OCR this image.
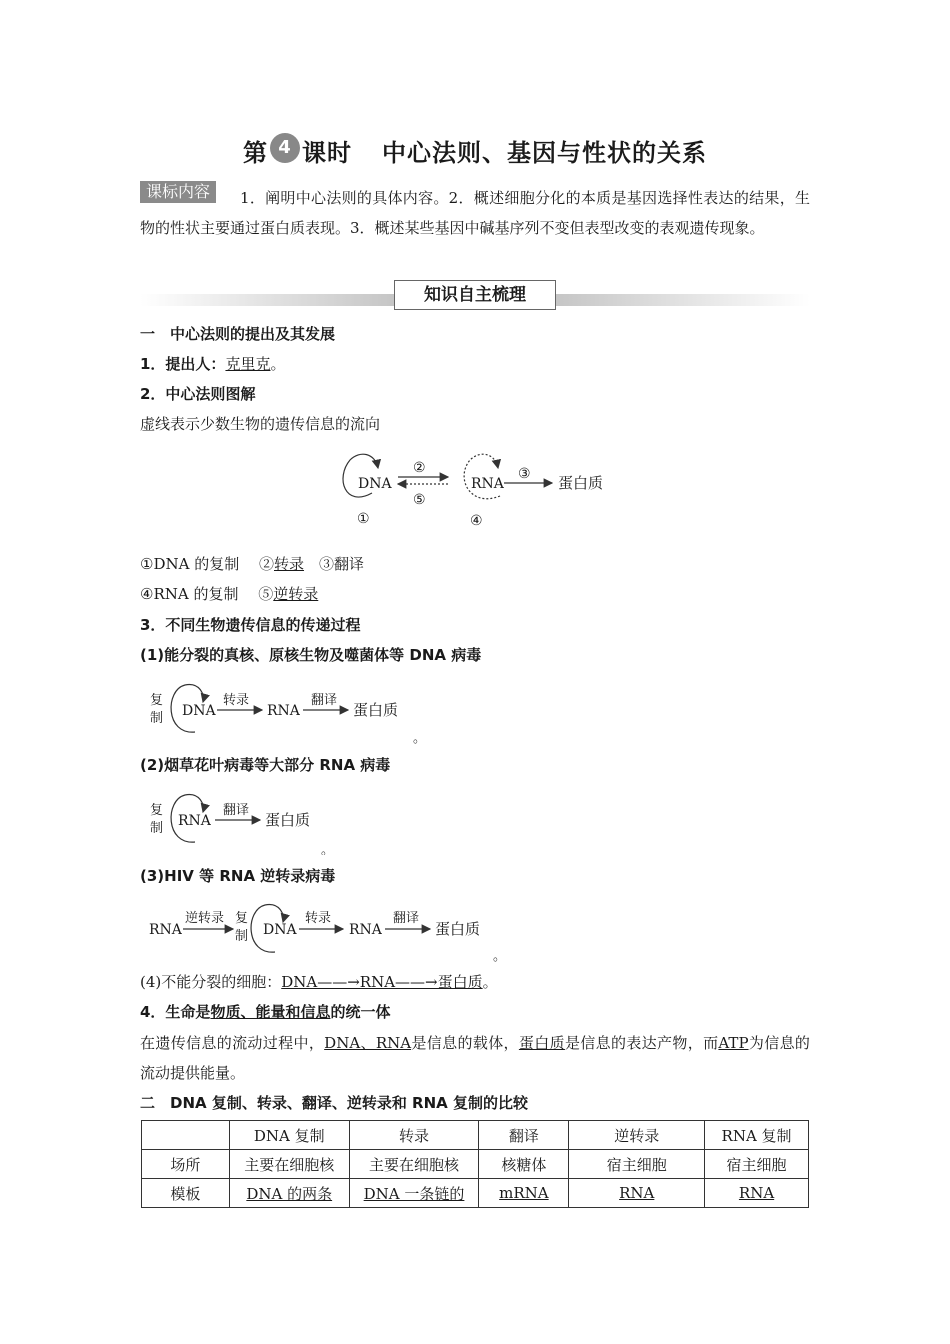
第 4 课时 中心法则、基因与性状的关系
课标内容	1．阐明中心法则的具体内容。2．概述细胞分化的本质是基因选择性表达的结果，生物的性状主要通过蛋白质表现。3．概述某些基因中碱基序列不变但表型改变的表观遗传现象。
知识自主梳理
一　中心法则的提出及其发展
1．提出人：克里克。
2．中心法则图解
虚线表示少数生物的遗传信息的流向
DNA
①
②
⑤
RNA
④
③ 蛋白质
①DNA 的复制　 ②转录　 ③翻译
④RNA 的复制　 ⑤逆转录
3．不同生物遗传信息的传递过程
(1)能分裂的真核、原核生物及噬菌体等 DNA 病毒
复
制 DNA
转录
RNA
翻译
蛋白质
。
(2)烟草花叶病毒等大部分 RNA 病毒
复
制 RNA
翻译
蛋白质
。
(3)HIV 等 RNA 逆转录病毒
RNA
逆转录 复
制 DNA
转录
RNA
翻译
蛋白质
。
(4)不能分裂的细胞：DNA——→RNA——→蛋白质。
4．生命是物质、能量和信息的统一体
在遗传信息的流动过程中，DNA、RNA是信息的载体，蛋白质是信息的表达产物，而ATP为信息的流动提供能量。
二　DNA 复制、转录、翻译、逆转录和 RNA 复制的比较
	DNA 复制	转录	翻译	逆转录	RNA 复制
场所	主要在细胞核	主要在细胞核	核糖体	宿主细胞	宿主细胞
模板	DNA 的两条	DNA 一条链的	mRNA	RNA	RNA
